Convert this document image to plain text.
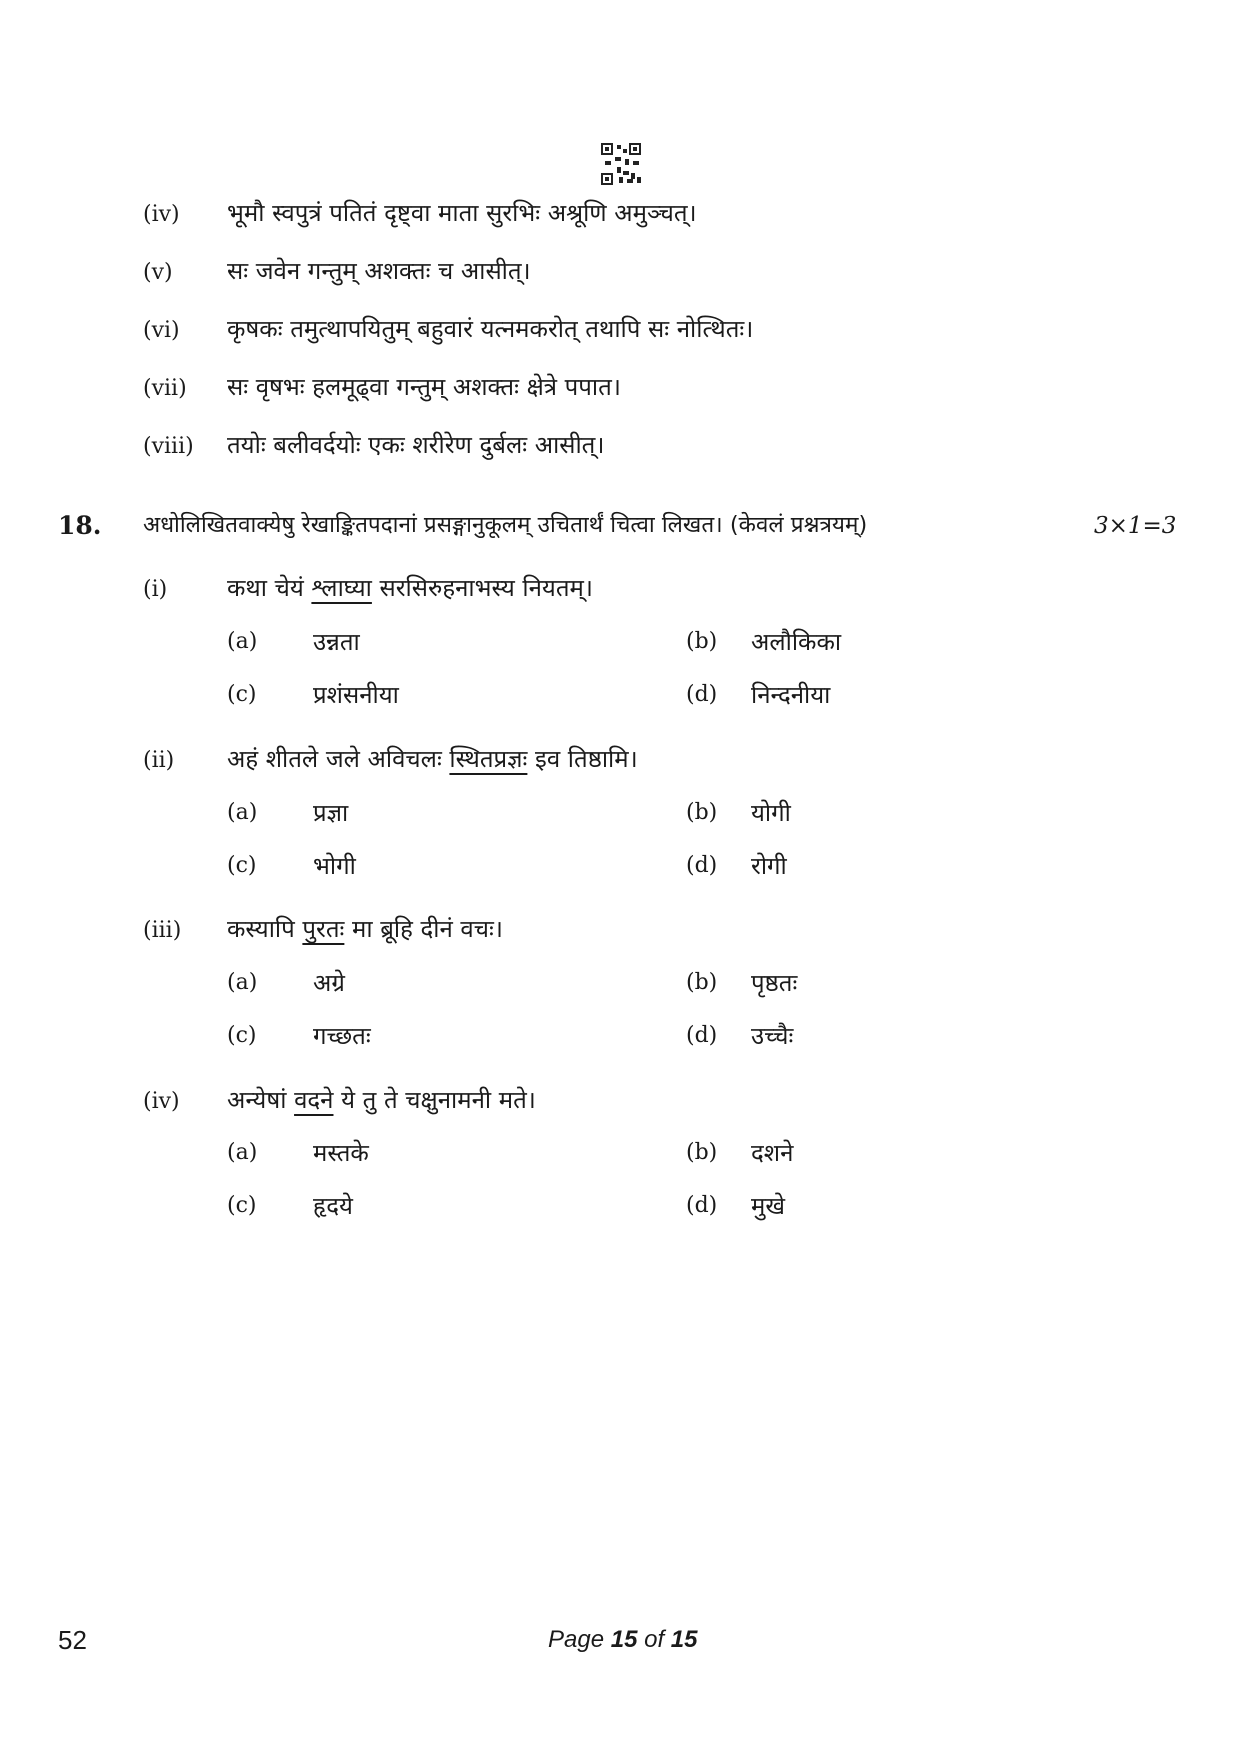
(iv) भूमौ स्वपुत्रं पतितं दृष्ट्वा माता सुरभिः अश्रूणि अमुञ्चत्।
(v) सः जवेन गन्तुम् अशक्तः च आसीत्।
(vi) कृषकः तमुत्थापयितुम् बहुवारं यत्नमकरोत् तथापि सः नोत्थितः।
(vii) सः वृषभः हलमूढ्वा गन्तुम् अशक्तः क्षेत्रे पपात।
(viii) तयोः बलीवर्दयोः एकः शरीरेण दुर्बलः आसीत्।
18. अधोलिखितवाक्येषु रेखाङ्कितपदानां प्रसङ्गानुकूलम् उचितार्थं चित्वा लिखत। (केवलं प्रश्नत्रयम्)	3×1=3
(i) कथा चेयं श्लाघ्या सरसिरुहनाभस्य नियतम्।
(a) उन्नता	(b) अलौकिका
(c) प्रशंसनीया	(d) निन्दनीया
(ii) अहं शीतले जले अविचलः स्थितप्रज्ञः इव तिष्ठामि।
(a) प्रज्ञा	(b) योगी
(c) भोगी	(d) रोगी
(iii) कस्यापि पुरतः मा ब्रूहि दीनं वचः।
(a) अग्रे	(b) पृष्ठतः
(c) गच्छतः	(d) उच्चैः
(iv) अन्येषां वदने ये तु ते चक्षुनामनी मते।
(a) मस्तके	(b) दशने
(c) हृदये	(d) मुखे
52	Page 15 of 15
